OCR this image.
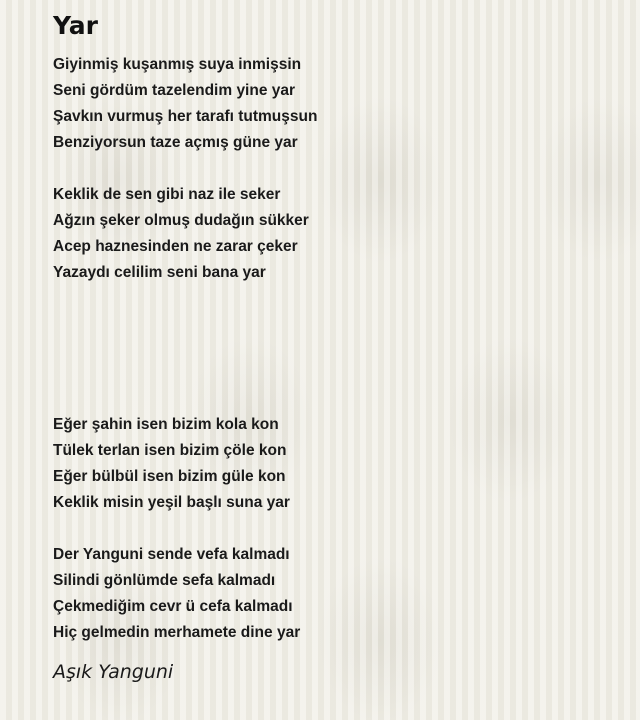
Yar
Giyinmiş kuşanmış suya inmişsin
Seni gördüm tazelendim yine yar
Şavkın vurmuş her tarafı tutmuşsun
Benziyorsun taze açmış güne yar
Keklik de sen gibi naz ile seker
Ağzın şeker olmuş dudağın sükker
Acep haznesinden ne zarar çeker
Yazaydı celilim seni bana yar
Eğer şahin isen bizim kola kon
Tülek terlan isen bizim çöle kon
Eğer bülbül isen bizim güle kon
Keklik misin yeşil başlı suna yar
Der Yanguni sende vefa kalmadı
Silindi gönlümde sefa kalmadı
Çekmediğim cevr ü cefa kalmadı
Hiç gelmedin merhamete dine yar
Aşık Yanguni
